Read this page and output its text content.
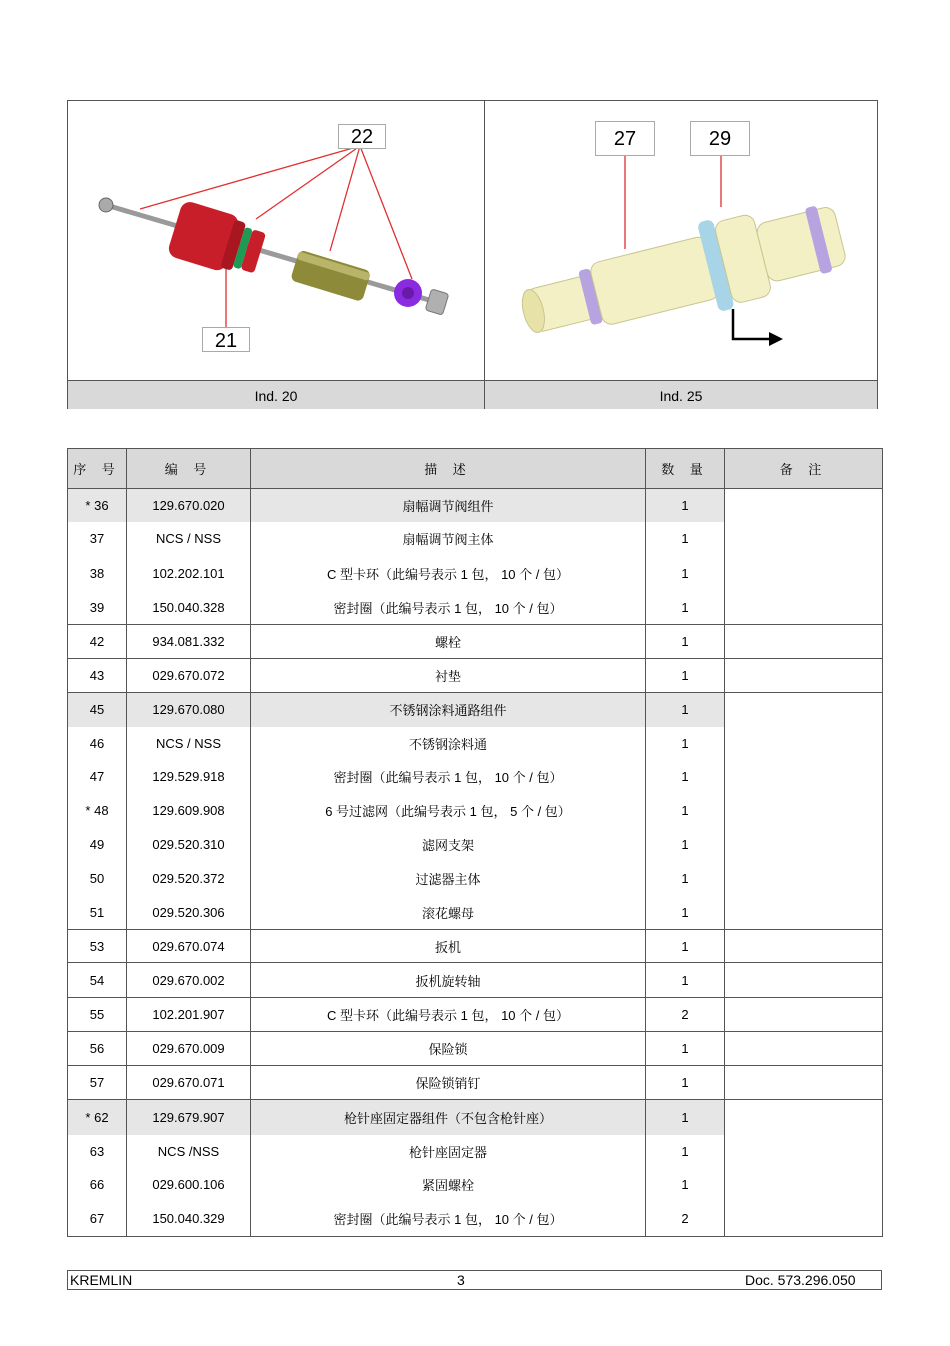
22
21
27	29
Ind. 20	Ind. 25
序 号	编 号	描 述	数 量	备 注
* 36	129.670.020	扇幅调节阀组件	1	
37	NCS / NSS	扇幅调节阀主体	1	
38	102.202.101	C 型卡环（此编号表示 1 包， 10 个 / 包）	1	
39	150.040.328	密封圈（此编号表示 1 包， 10 个 / 包）	1	
42	934.081.332	螺栓	1	
43	029.670.072	衬垫	1	
45	129.670.080	不锈钢涂料通路组件	1	
46	NCS / NSS	不锈钢涂料通	1	
47	129.529.918	密封圈（此编号表示 1 包， 10 个 / 包）	1	
* 48	129.609.908	6 号过滤网（此编号表示 1 包， 5 个 / 包）	1	
49	029.520.310	滤网支架	1	
50	029.520.372	过滤器主体	1	
51	029.520.306	滚花螺母	1	
53	029.670.074	扳机	1	
54	029.670.002	扳机旋转轴	1	
55	102.201.907	C 型卡环（此编号表示 1 包， 10 个 / 包）	2	
56	029.670.009	保险锁	1	
57	029.670.071	保险锁销钉	1	
* 62	129.679.907	枪针座固定器组件（不包含枪针座）	1	
63	NCS /NSS	枪针座固定器	1	
66	029.600.106	紧固螺栓	1	
67	150.040.329	密封圈（此编号表示 1 包， 10 个 / 包）	2	
KREMLIN	3	Doc. 573.296.050
